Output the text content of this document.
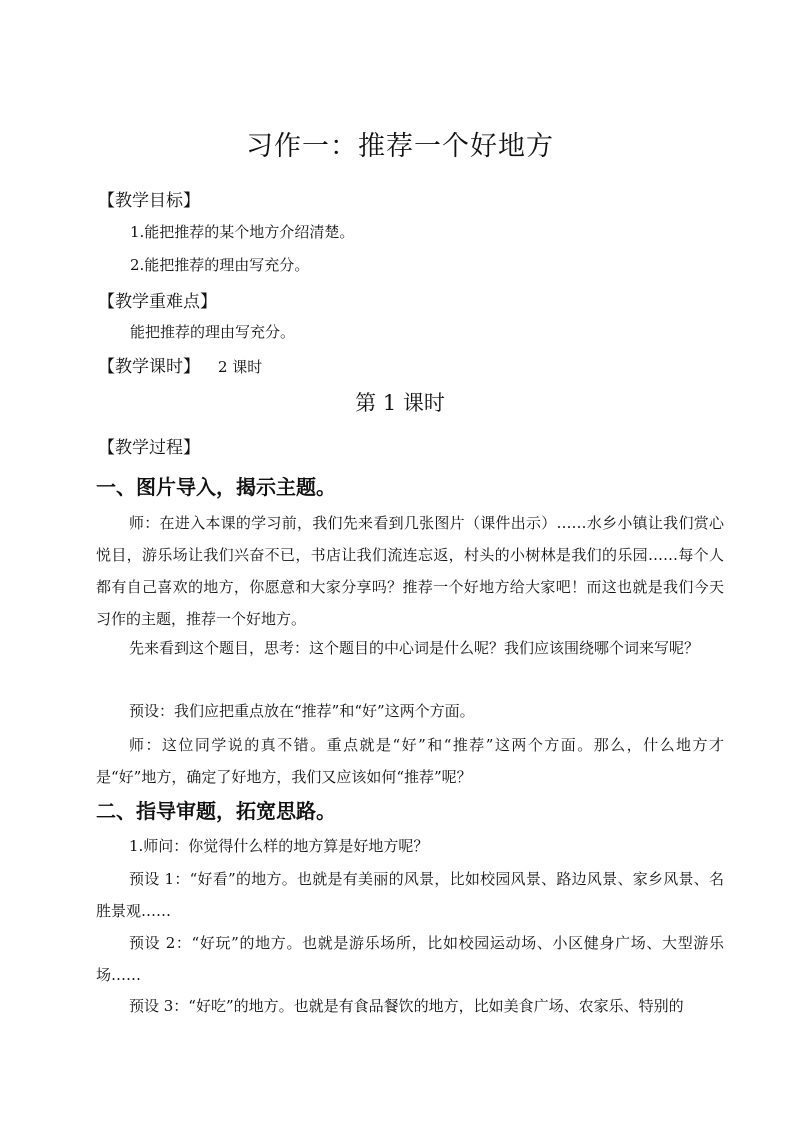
习作一：推荐一个好地方
【教学目标】
1.能把推荐的某个地方介绍清楚。
2.能把推荐的理由写充分。
【教学重难点】
能把推荐的理由写充分。
【教学课时】 2 课时
第 1 课时
【教学过程】
一、图片导入，揭示主题。

师：在进入本课的学习前，我们先来看到几张图片（课件出示）……水乡小镇让我们赏心悦目，游乐场让我们兴奋不已，书店让我们流连忘返，村头的小树林是我们的乐园……每个人都有自己喜欢的地方，你愿意和大家分享吗？推荐一个好地方给大家吧！而这也就是我们今天习作的主题，推荐一个好地方。

先来看到这个题目，思考：这个题目的中心词是什么呢？我们应该围绕哪个词来写呢？

预设：我们应把重点放在“推荐”和“好”这两个方面。

师：这位同学说的真不错。重点就是“好”和“推荐”这两个方面。那么，什么地方才是“好”地方，确定了好地方，我们又应该如何“推荐”呢？

二、指导审题，拓宽思路。

1.师问：你觉得什么样的地方算是好地方呢？

预设 1：“好看”的地方。也就是有美丽的风景，比如校园风景、路边风景、家乡风景、名胜景观……

预设 2：“好玩”的地方。也就是游乐场所，比如校园运动场、小区健身广场、大型游乐场……

预设 3：“好吃”的地方。也就是有食品餐饮的地方，比如美食广场、农家乐、特别的
